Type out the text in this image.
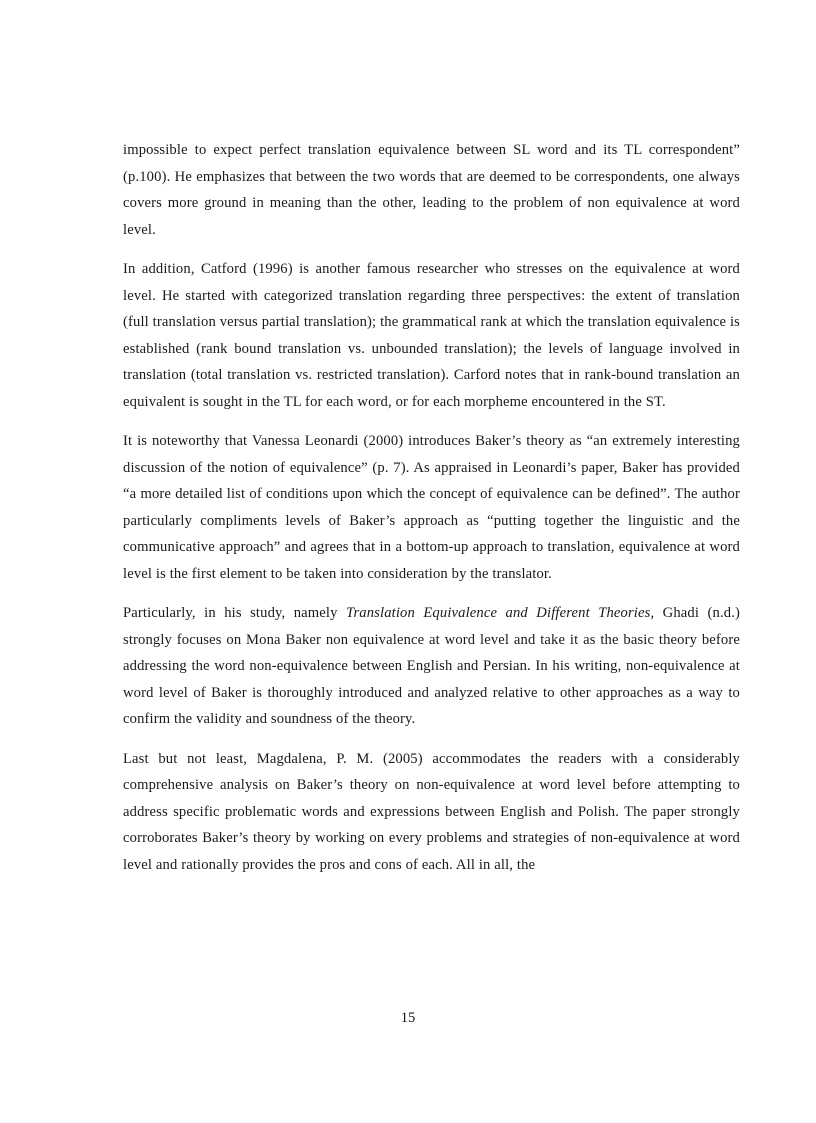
impossible to expect perfect translation equivalence between SL word and its TL correspondent” (p.100). He emphasizes that between the two words that are deemed to be correspondents, one always covers more ground in meaning than the other, leading to the problem of non equivalence at word level.

In addition, Catford (1996) is another famous researcher who stresses on the equivalence at word level. He started with categorized translation regarding three perspectives: the extent of translation (full translation versus partial translation); the grammatical rank at which the translation equivalence is established (rank bound translation vs. unbounded translation); the levels of language involved in translation (total translation vs. restricted translation). Carford notes that in rank-bound translation an equivalent is sought in the TL for each word, or for each morpheme encountered in the ST.

It is noteworthy that Vanessa Leonardi (2000) introduces Baker’s theory as “an extremely interesting discussion of the notion of equivalence” (p. 7). As appraised in Leonardi’s paper, Baker has provided “a more detailed list of conditions upon which the concept of equivalence can be defined”. The author particularly compliments levels of Baker’s approach as “putting together the linguistic and the communicative approach” and agrees that in a bottom-up approach to translation, equivalence at word level is the first element to be taken into consideration by the translator.

Particularly, in his study, namely Translation Equivalence and Different Theories, Ghadi (n.d.) strongly focuses on Mona Baker non equivalence at word level and take it as the basic theory before addressing the word non-equivalence between English and Persian. In his writing, non-equivalence at word level of Baker is thoroughly introduced and analyzed relative to other approaches as a way to confirm the validity and soundness of the theory.

Last but not least, Magdalena, P. M. (2005) accommodates the readers with a considerably comprehensive analysis on Baker’s theory on non-equivalence at word level before attempting to address specific problematic words and expressions between English and Polish. The paper strongly corroborates Baker’s theory by working on every problems and strategies of non-equivalence at word level and rationally provides the pros and cons of each. All in all, the

15
